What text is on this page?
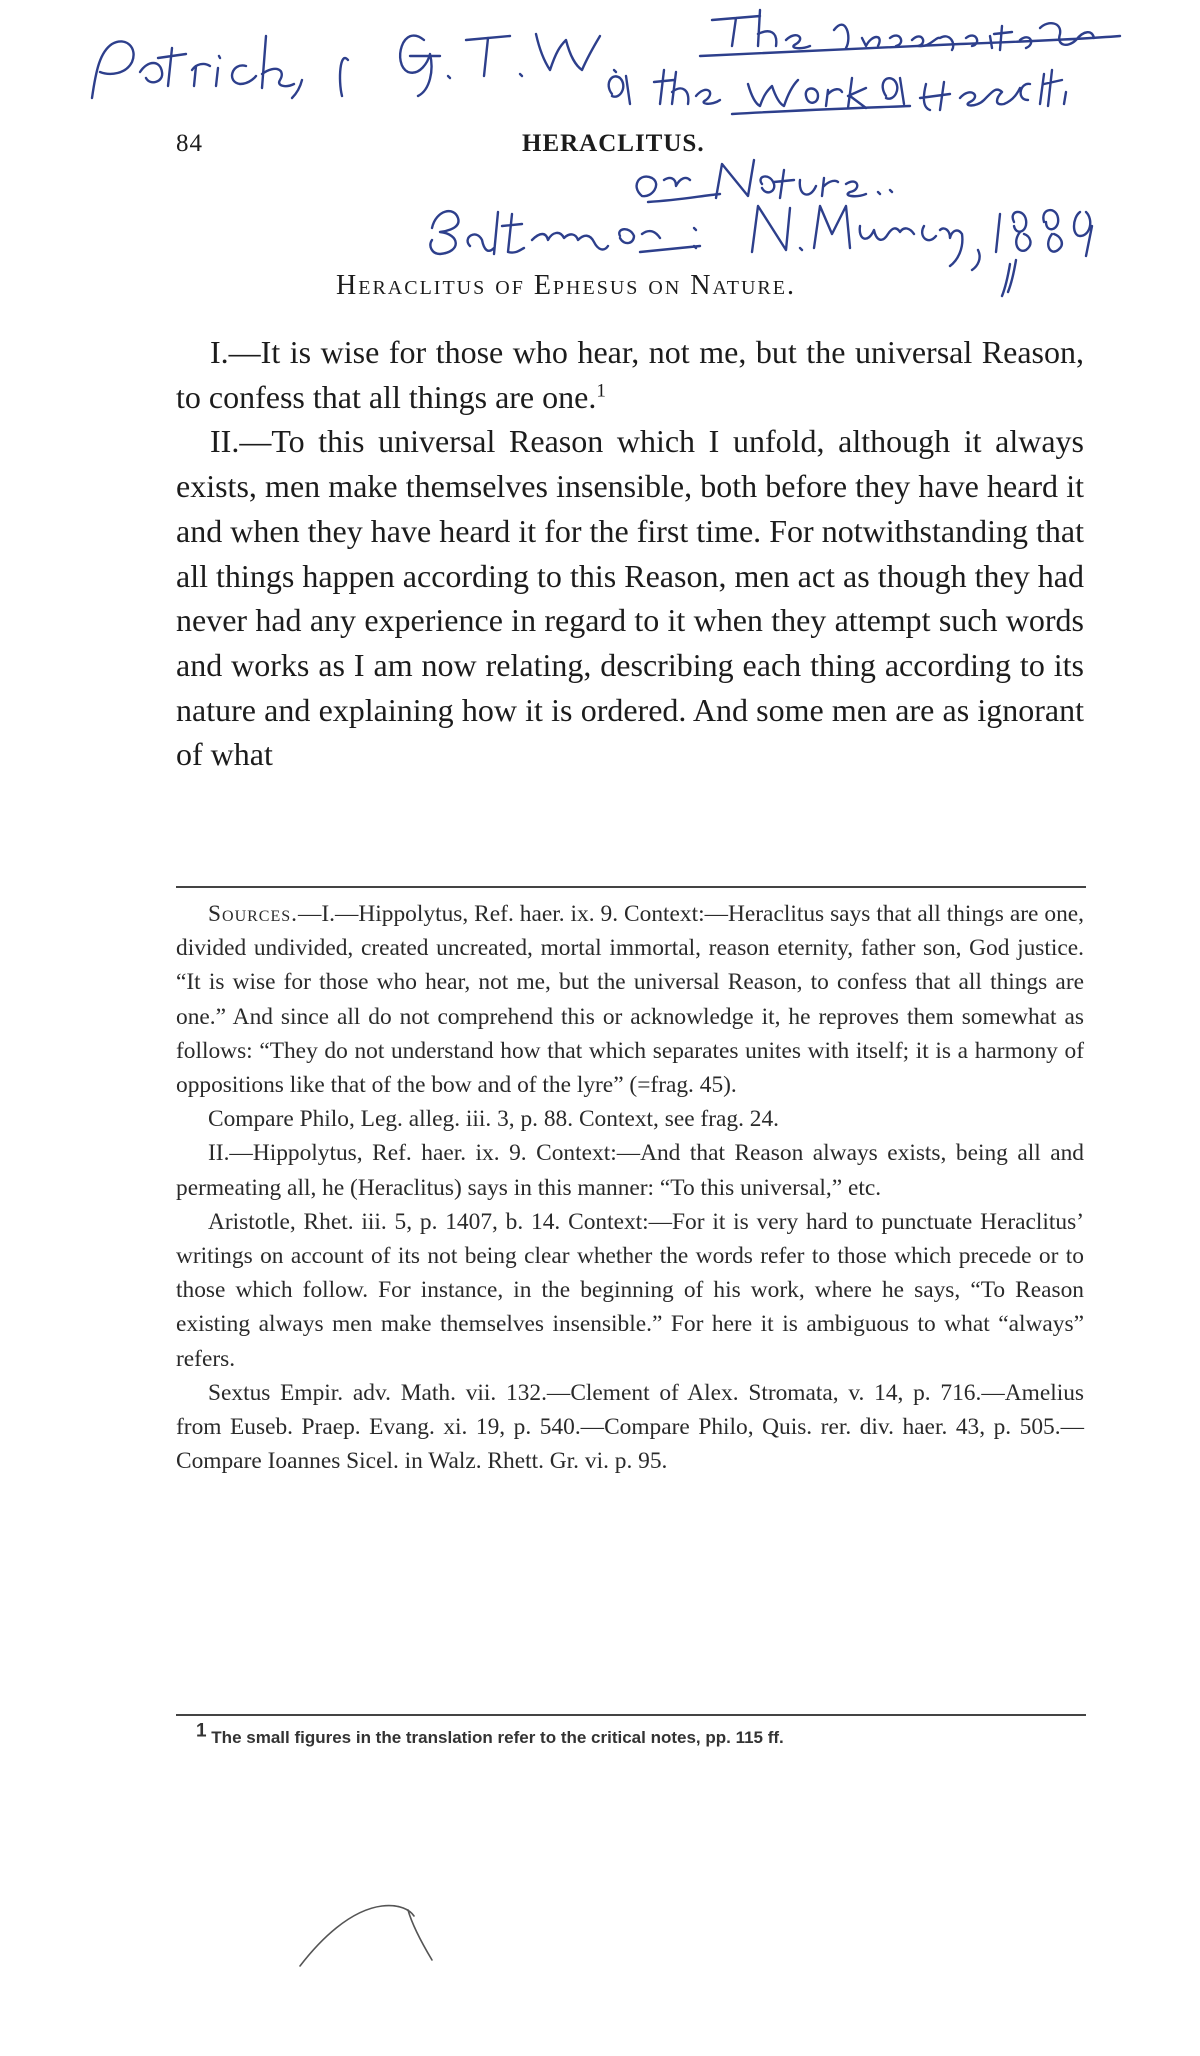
84	HERACLITUS.
Heraclitus of Ephesus on Nature.

I.—It is wise for those who hear, not me, but the universal Reason, to confess that all things are one.$^1$

II.—To this universal Reason which I unfold, although it always exists, men make themselves insensible, both before they have heard it and when they have heard it for the first time. For notwithstanding that all things happen according to this Reason, men act as though they had never had any experience in regard to it when they attempt such words and works as I am now relating, describing each thing according to its nature and explaining how it is ordered. And some men are as ignorant of what

Sources.—I.—Hippolytus, Ref. haer. ix. 9. Context:—Heraclitus says that all things are one, divided undivided, created uncreated, mortal immortal, reason eternity, father son, God justice. “It is wise for those who hear, not me, but the universal Reason, to confess that all things are one.” And since all do not comprehend this or acknowledge it, he reproves them somewhat as follows: “They do not understand how that which separates unites with itself; it is a harmony of oppositions like that of the bow and of the lyre” (=frag. 45).

Compare Philo, Leg. alleg. iii. 3, p. 88. Context, see frag. 24.

II.—Hippolytus, Ref. haer. ix. 9. Context:—And that Reason always exists, being all and permeating all, he (Heraclitus) says in this manner: “To this universal,” etc.

Aristotle, Rhet. iii. 5, p. 1407, b. 14. Context:—For it is very hard to punctuate Heraclitus’ writings on account of its not being clear whether the words refer to those which precede or to those which follow. For instance, in the beginning of his work, where he says, “To Reason existing always men make themselves insensible.” For here it is ambiguous to what “always” refers.

Sextus Empir. adv. Math. vii. 132.—Clement of Alex. Stromata, v. 14, p. 716.—Amelius from Euseb. Praep. Evang. xi. 19, p. 540.—Compare Philo, Quis. rer. div. haer. 43, p. 505.—Compare Ioannes Sicel. in Walz. Rhett. Gr. vi. p. 95.

$^1$ The small figures in the translation refer to the critical notes, pp. 115 ff.
